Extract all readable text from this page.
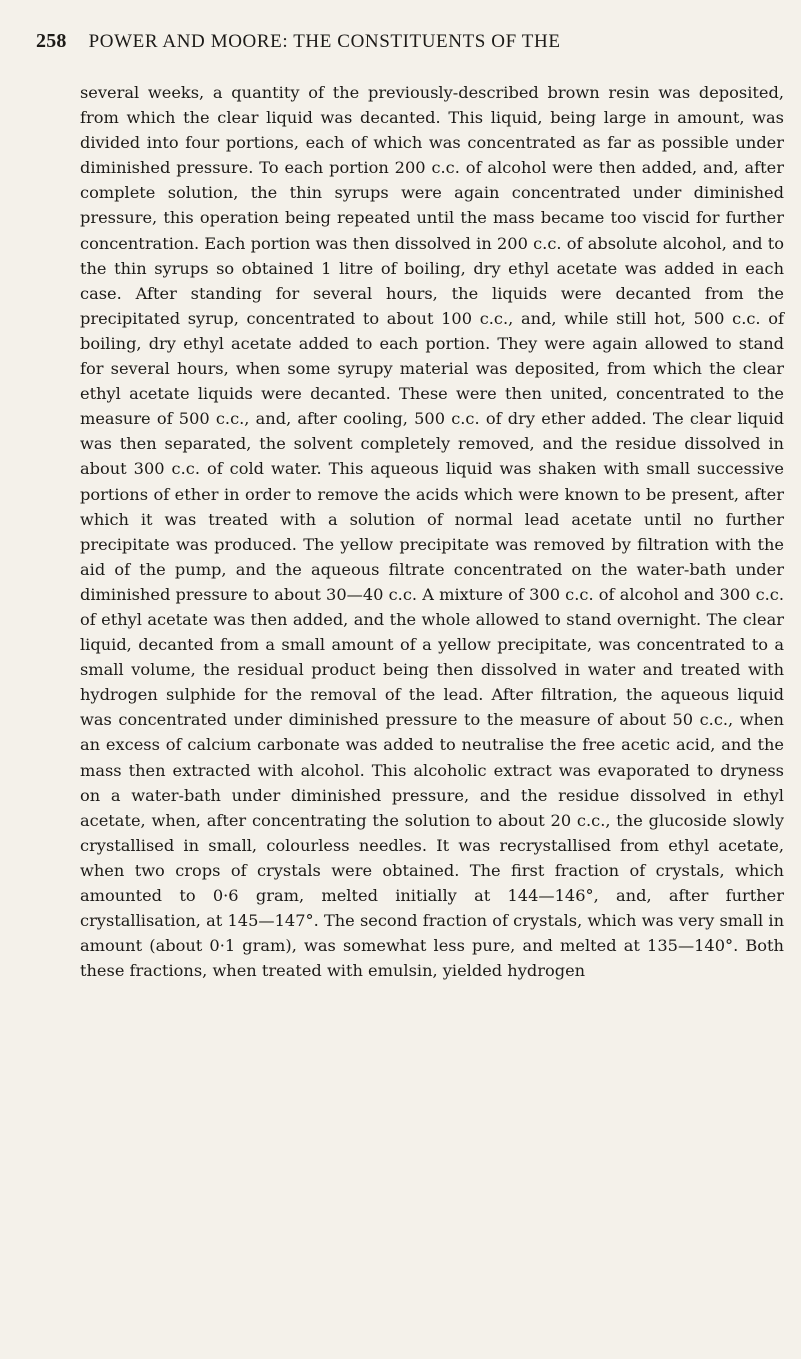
258 POWER AND MOORE: THE CONSTITUENTS OF THE

several weeks, a quantity of the previously-described brown resin was deposited, from which the clear liquid was decanted. This liquid, being large in amount, was divided into four portions, each of which was concentrated as far as possible under diminished pressure. To each portion 200 c.c. of alcohol were then added, and, after complete solution, the thin syrups were again concentrated under diminished pressure, this operation being repeated until the mass became too viscid for further concentration. Each portion was then dissolved in 200 c.c. of absolute alcohol, and to the thin syrups so obtained 1 litre of boiling, dry ethyl acetate was added in each case. After standing for several hours, the liquids were decanted from the precipitated syrup, concentrated to about 100 c.c., and, while still hot, 500 c.c. of boiling, dry ethyl acetate added to each portion. They were again allowed to stand for several hours, when some syrupy material was deposited, from which the clear ethyl acetate liquids were decanted. These were then united, concentrated to the measure of 500 c.c., and, after cooling, 500 c.c. of dry ether added. The clear liquid was then separated, the solvent completely removed, and the residue dissolved in about 300 c.c. of cold water. This aqueous liquid was shaken with small successive portions of ether in order to remove the acids which were known to be present, after which it was treated with a solution of normal lead acetate until no further precipitate was produced. The yellow precipitate was removed by filtration with the aid of the pump, and the aqueous filtrate concentrated on the water-bath under diminished pressure to about 30—40 c.c. A mixture of 300 c.c. of alcohol and 300 c.c. of ethyl acetate was then added, and the whole allowed to stand overnight. The clear liquid, decanted from a small amount of a yellow precipitate, was concentrated to a small volume, the residual product being then dissolved in water and treated with hydrogen sulphide for the removal of the lead. After filtration, the aqueous liquid was concentrated under diminished pressure to the measure of about 50 c.c., when an excess of calcium carbonate was added to neutralise the free acetic acid, and the mass then extracted with alcohol. This alcoholic extract was evaporated to dryness on a water-bath under diminished pressure, and the residue dissolved in ethyl acetate, when, after concentrating the solution to about 20 c.c., the glucoside slowly crystallised in small, colourless needles. It was recrystallised from ethyl acetate, when two crops of crystals were obtained. The first fraction of crystals, which amounted to 0·6 gram, melted initially at 144—146°, and, after further crystallisation, at 145—147°. The second fraction of crystals, which was very small in amount (about 0·1 gram), was somewhat less pure, and melted at 135—140°. Both these fractions, when treated with emulsin, yielded hydrogen
